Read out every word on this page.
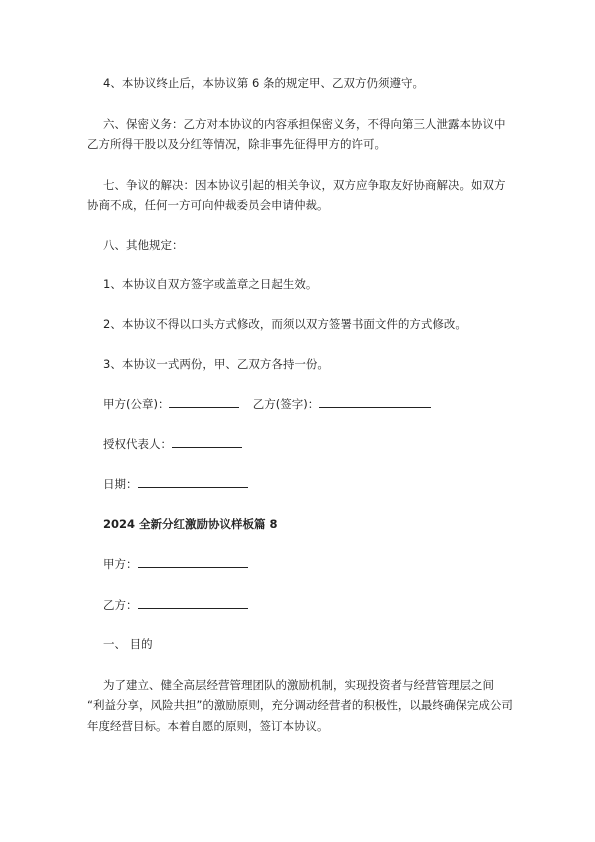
4、本协议终止后，本协议第 6 条的规定甲、乙双方仍须遵守。

六、保密义务：乙方对本协议的内容承担保密义务，不得向第三人泄露本协议中

乙方所得干股以及分红等情况，除非事先征得甲方的许可。

七、争议的解决：因本协议引起的相关争议，双方应争取友好协商解决。如双方

协商不成，任何一方可向仲裁委员会申请仲裁。

八、其他规定：

1、本协议自双方签字或盖章之日起生效。

2、本协议不得以口头方式修改，而须以双方签署书面文件的方式修改。

3、本协议一式两份，甲、乙双方各持一份。

甲方(公章)：	乙方(签字)：

授权代表人：

日期：

2024 全新分红激励协议样板篇 8

甲方：

乙方：

一、 目的

为了建立、健全高层经营管理团队的激励机制，实现投资者与经营管理层之间

“利益分享，风险共担”的激励原则，充分调动经营者的积极性，以最终确保完成公司

年度经营目标。本着自愿的原则，签订本协议。
